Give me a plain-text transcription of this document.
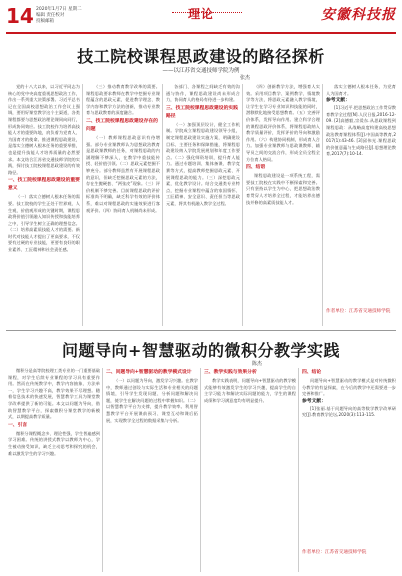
14 2020年1月7日 星期二
编辑 责任校对
投稿邮箱
理论	安徽科技报
技工院校课程思政建设的路径探析
——以江苏省交通技师学院为例
张杰

党的十八大以来，以习近平同志为核心的党中央高度重视思想政治工作，作出一系列重大决策部署。习近平总书记在全国高校思想政治工作会议上强调，要用好课堂教学这个主渠道，各类课程都要与思想政治理论课同向同行，形成协同效应。技工院校作为培养高技能人才的重要阵地，肩负着为党育人、为国育才的使命。推进课程思政建设，是落实立德树人根本任务的重要举措，也是提升技能人才培养质量的必然要求。本文结合江苏省交通技师学院的实践，探讨技工院校课程思政建设的有效路径。

一、技工院校课程思政建设的重要意义

（一）落实立德树人根本任务的需要。技工院校的学生正处于世界观、人生观、价值观形成的关键时期，课程思政将价值引领融入知识传授和技能培养之中，引导学生树立正确的理想信念。（二）培养高素质技能人才的需要。新时代对技能人才提出了更高要求，不仅要有过硬的专业技能，更要有良好的职业素养、工匠精神和社会责任感。

（三）推动教育教学改革的需要。课程思政要求教师在教学中挖掘专业课程蕴含的思政元素，促进教学理念、教学内容和教学方法的创新，推动专业教育与思政教育的深度融合。

二、技工院校课程思政建设存在的问题

（一）教师课程思政意识有待增强。部分专业课教师认为思想政治教育是思政课教师的任务，对课程思政的内涵理解不够深入，在教学中重技能传授、轻价值引领。（二）思政元素挖掘不够充分。部分教师虽然有开展课程思政的意识，但缺乏挖掘思政元素的方法，存在生搬硬套、“两张皮”现象。（三）评价机制不够完善。目前课程思政的评价标准尚不明确，缺乏科学有效的评价体系，难以对课程思政的实施效果进行客观评价。（四）协同育人机制尚未形成。

各部门、各课程之间缺乏有效的沟通与协作，课程思政建设尚未形成合力，协同育人的格局有待进一步构建。

三、技工院校课程思政建设的实践路径

（一）加强顶层设计，健全工作机制。学院成立课程思政建设领导小组，制定课程思政建设实施方案，明确建设目标、主要任务和保障措施，将课程思政建设纳入学院发展规划和年度工作要点。（二）强化师资培训，提升育人能力。通过专题培训、集体备课、教学竞赛等方式，提高教师挖掘思政元素、开展课程思政的能力。（三）深挖思政元素，优化教学设计。结合交通类专业特点，挖掘专业课程中蕴含的家国情怀、工匠精神、安全意识、责任担当等思政元素，将其有机融入教学全过程。

（四）创新教学方法，增强育人实效。采用项目教学、案例教学、情境教学等方法，将思政元素融入教学情境，让学生在学习专业知识和技能的同时，潜移默化地接受思想教育。（五）完善评价体系，发挥导向作用。建立科学合理的课程思政评价体系，将课程思政纳入教学质量评价，发挥评价的导向和激励作用。（六）构建协同机制，形成育人合力。加强专业课教师与思政课教师、辅导员之间的交流合作，形成全员全程全方位育人格局。

四、结语

课程思政建设是一项系统工程，需要技工院校在实践中不断探索和完善。只有坚持以学生为中心，把思想政治教育贯穿人才培养全过程，才能培养出德技并修的高素质技能人才。

落实立德树人根本任务，为党育人为国育才。

参考文献：

[1]习近平.把思想政治工作贯穿教育教学全过程[N].人民日报,2016-12-09. [2]高德毅,宗爱东.从思政课程到课程思政：从战略高度构建高校思想政治教育课程体系[J].中国高等教育,2017(1):43-46. [3]邱伟光.课程思政的价值意蕴与生成路径[J].思想理论教育,2017(7):10-14.

作者单位：江苏省交通技师学院
问题导向+智慧驱动的微积分教学实践
陈杰

微积分是高等院校理工类专业的一门重要基础课程，对学生后续专业课程的学习具有重要作用。然而在传统教学中，教学内容抽象、方法单一，学生学习兴趣不高，教学效果不尽理想。随着信息技术的快速发展，智慧教学工具为课堂教学改革提供了新的可能。本文以问题为导向，借助智慧教学平台，探索微积分课堂教学的新模式，以期提高教学质量。

一、引言

微积分课程概念多、理论性强，学生普遍感到学习困难。传统的讲授式教学以教师为中心，学生被动接受知识，缺乏主动思考和探究的机会，难以激发学生的学习兴趣。

二、问题导向+智慧驱动的教学模式设计

（一）以问题为导向，激发学习兴趣。在教学中，教师通过创设与实际生活和专业相关的问题情境，引导学生发现问题、分析问题和解决问题，使学生在解决问题的过程中掌握知识。（二）以智慧教学平台为支撑，提升教学效率。利用智慧教学平台开展课前预习、课堂互动和课后拓展，实现教学全过程的数据采集与分析。

三、教学实践与效果分析

教学实践表明，问题导向+智慧驱动的教学模式能够有效激发学生的学习兴趣，提高学生的自主学习能力和解决实际问题的能力，学生的课程成绩和学习满意度均有明显提升。

四、结论

问题导向+智慧驱动的教学模式是对传统微积分教学的有益探索，在今后的教学中还需要进一步完善和推广。

参考文献：

[1]张丽.基于问题导向的高等数学教学改革研究[J].教育教学论坛,2020(3):113-115.

作者单位：江苏省交通技师学院
